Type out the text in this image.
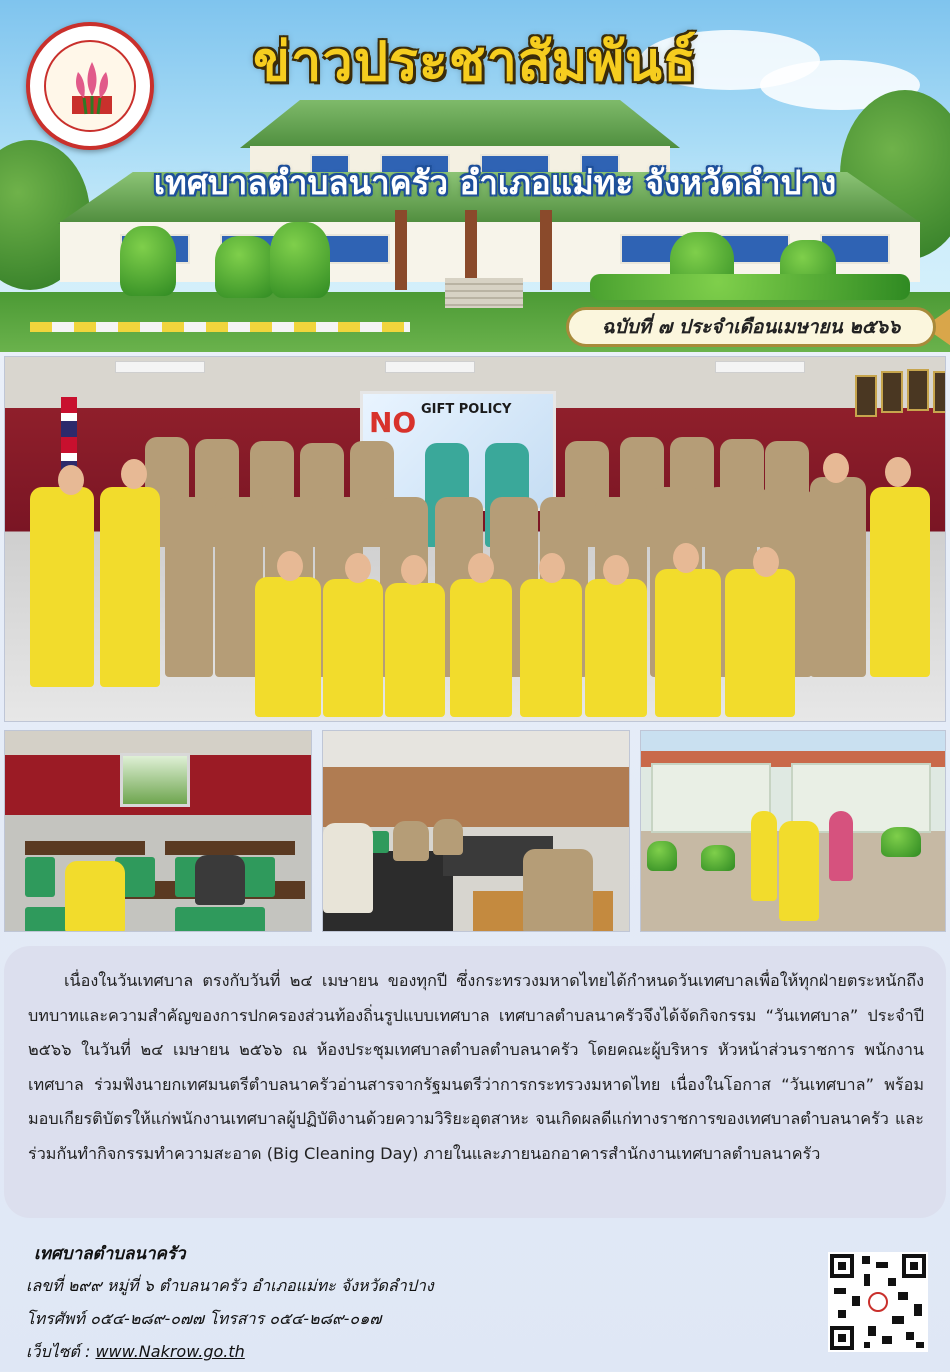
ข่าวประชาสัมพันธ์
เทศบาลตำบลนาครัว อำเภอแม่ทะ จังหวัดลำปาง
ฉบับที่ ๗ ประจำเดือนเมษายน ๒๕๖๖
NO GIFT POLICY

เนื่องในวันเทศบาล ตรงกับวันที่ ๒๔ เมษายน ของทุกปี ซึ่งกระทรวงมหาดไทยได้กำหนดวันเทศบาลเพื่อให้ทุกฝ่ายตระหนักถึงบทบาทและความสำคัญของการปกครองส่วนท้องถิ่นรูปแบบเทศบาล เทศบาลตำบลนาครัวจึงได้จัดกิจกรรม “วันเทศบาล” ประจำปี ๒๕๖๖ ในวันที่ ๒๔ เมษายน ๒๕๖๖ ณ ห้องประชุมเทศบาลตำบลตำบลนาครัว โดยคณะผู้บริหาร หัวหน้าส่วนราชการ พนักงานเทศบาล ร่วมฟังนายกเทศมนตรีตำบลนาครัวอ่านสารจากรัฐมนตรีว่าการกระทรวงมหาดไทย เนื่องในโอกาส “วันเทศบาล” พร้อมมอบเกียรติบัตรให้แก่พนักงานเทศบาลผู้ปฏิบัติงานด้วยความวิริยะอุตสาหะ จนเกิดผลดีแก่ทางราชการของเทศบาลตำบลนาครัว และร่วมกันทำกิจกรรมทำความสะอาด (Big Cleaning Day) ภายในและภายนอกอาคารสำนักงานเทศบาลตำบลนาครัว

เทศบาลตำบลนาครัว
เลขที่ ๒๙๙ หมู่ที่ ๖ ตำบลนาครัว อำเภอแม่ทะ จังหวัดลำปาง
โทรศัพท์ ๐๕๔-๒๘๙-๐๗๗ โทรสาร ๐๕๔-๒๘๙-๐๑๗
เว็บไซต์ : www.Nakrow.go.th
